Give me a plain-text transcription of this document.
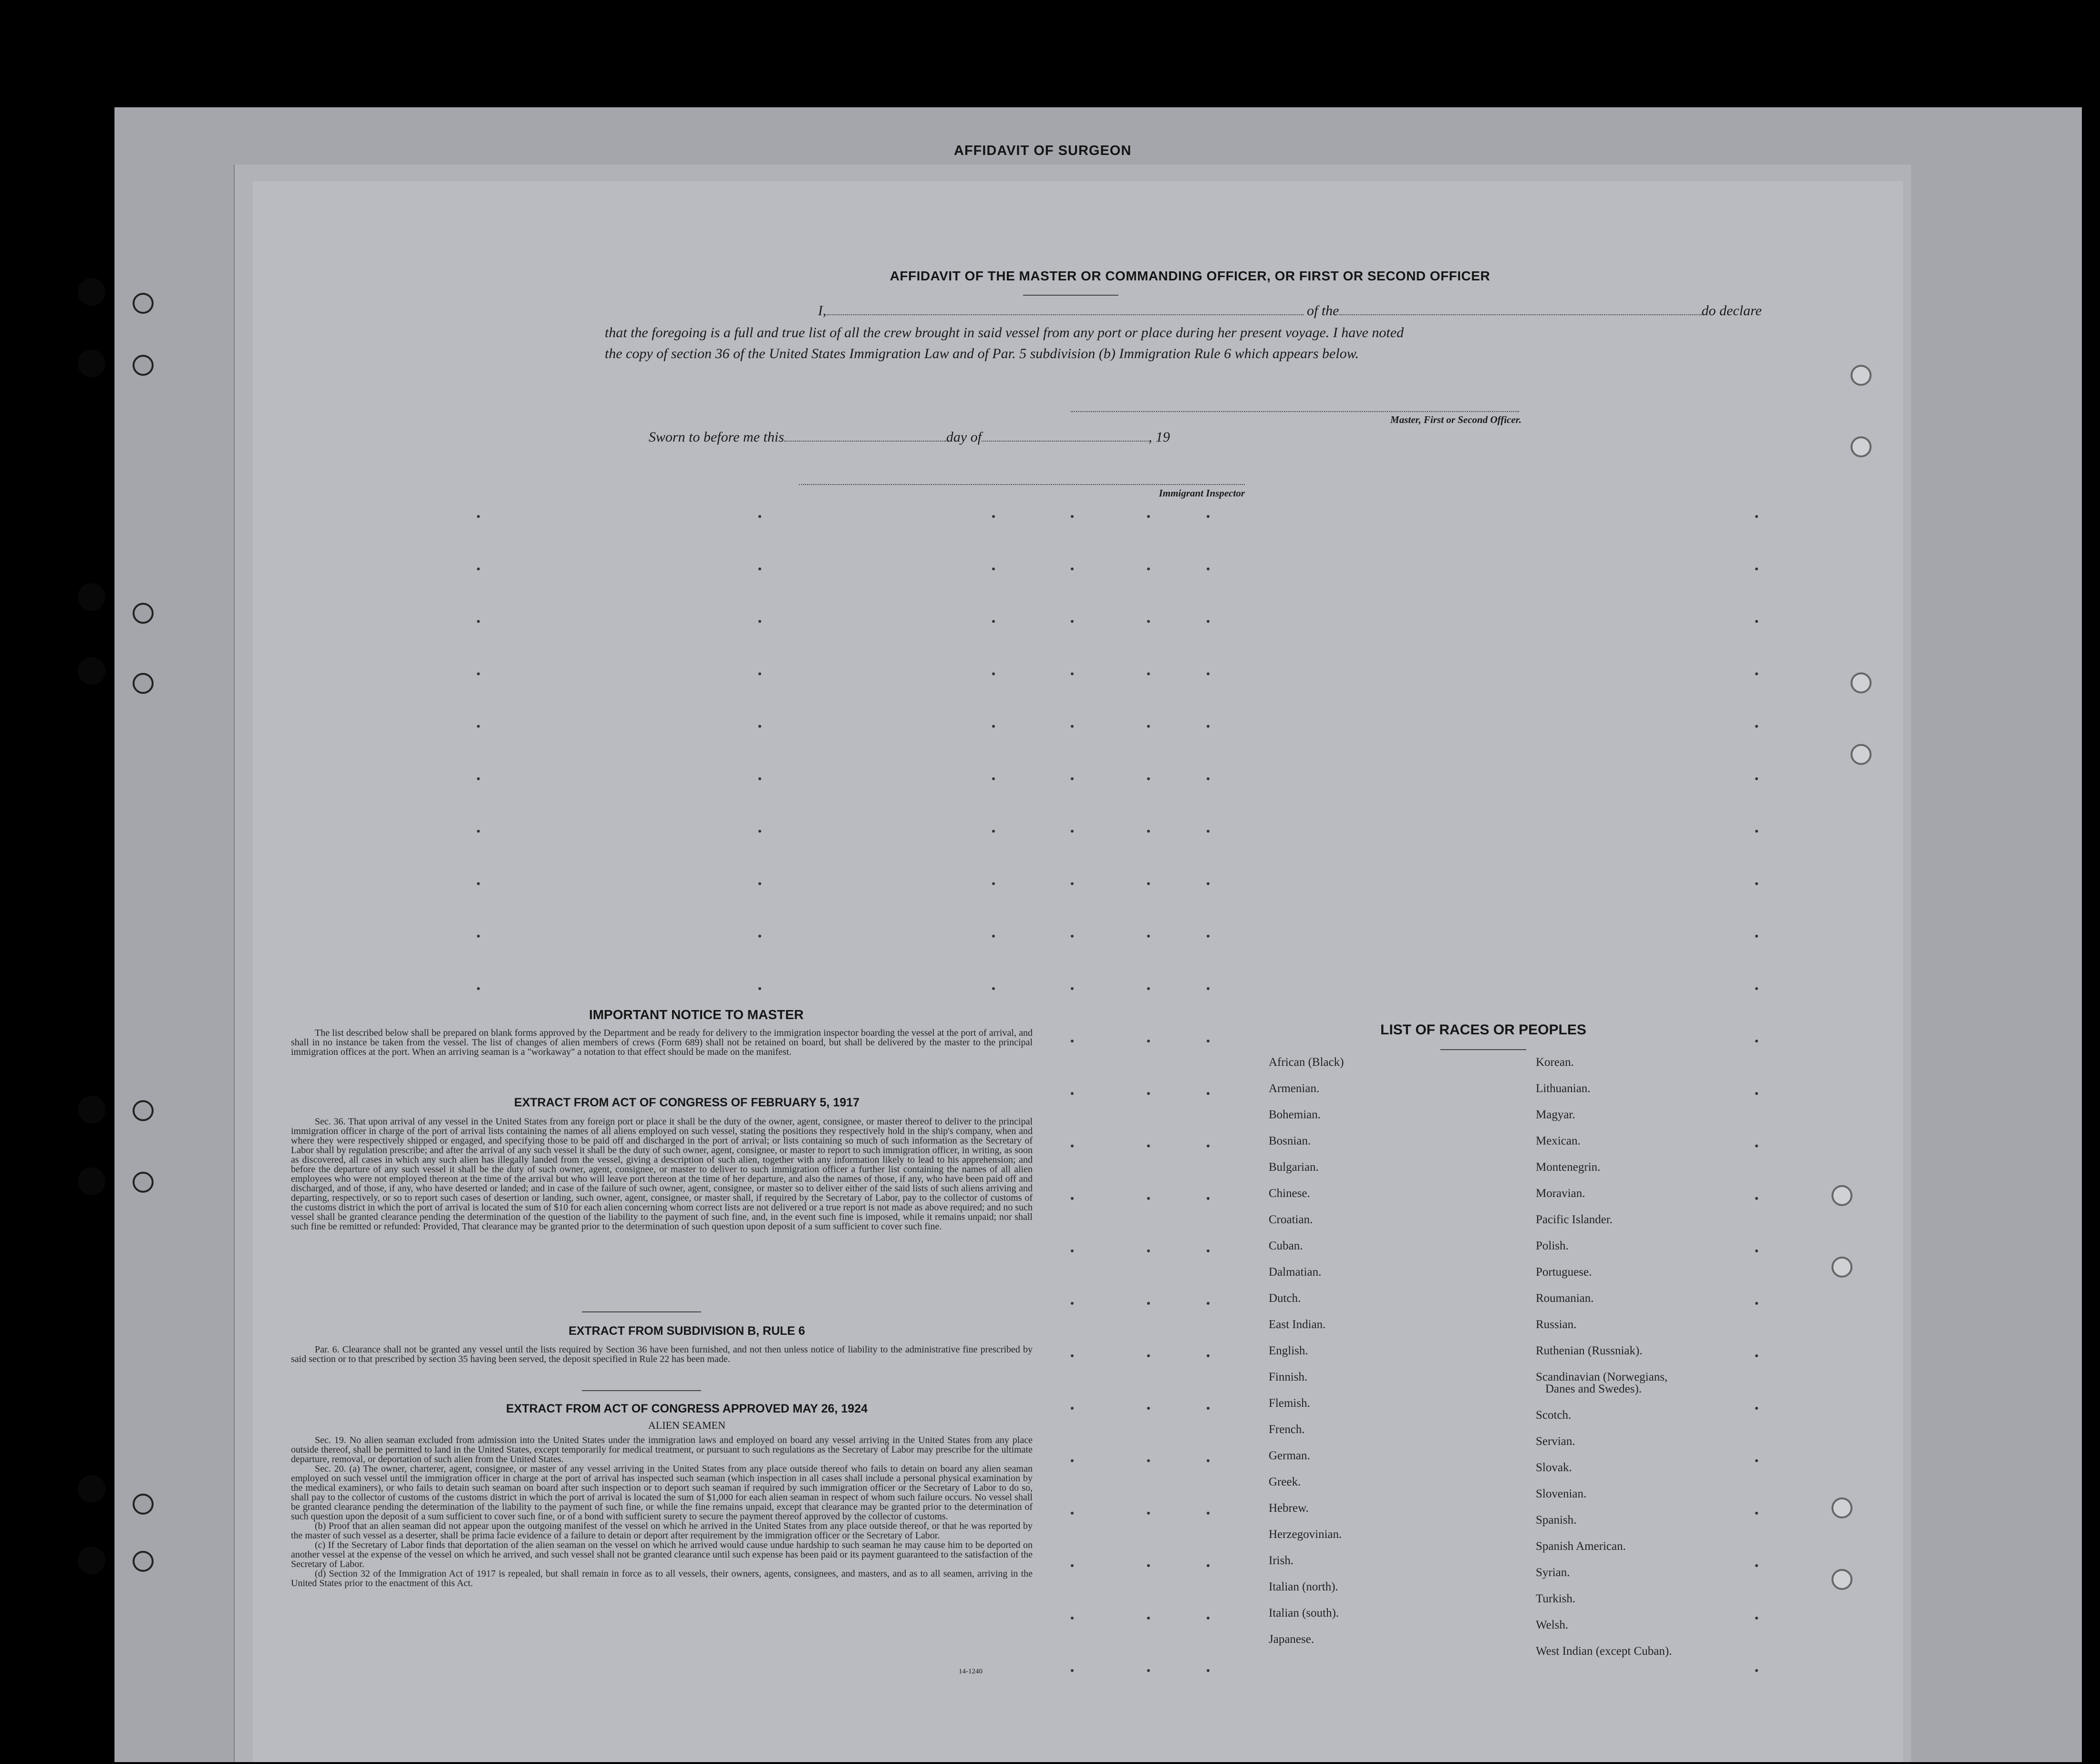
AFFIDAVIT OF SURGEON
AFFIDAVIT OF THE MASTER OR COMMANDING OFFICER, OR FIRST OR SECOND OFFICER
I,	of the	do declare
that the foregoing is a full and true list of all the crew brought in said vessel from any port or place during her present voyage. I have noted
the copy of section 36 of the United States Immigration Law and of Par. 5 subdivision (b) Immigration Rule 6 which appears below.
Master, First or Second Officer.
Sworn to before me this	day of	, 19
Immigrant Inspector
IMPORTANT NOTICE TO MASTER

The list described below shall be prepared on blank forms approved by the Department and be ready for delivery to the immigration inspector boarding the vessel at the port of arrival, and shall in no instance be taken from the vessel. The list of changes of alien members of crews (Form 689) shall not be retained on board, but shall be delivered by the master to the principal immigration offices at the port. When an arriving seaman is a "workaway" a notation to that effect should be made on the manifest.

EXTRACT FROM ACT OF CONGRESS OF FEBRUARY 5, 1917

Sec. 36. That upon arrival of any vessel in the United States from any foreign port or place it shall be the duty of the owner, agent, consignee, or master thereof to deliver to the principal immigration officer in charge of the port of arrival lists containing the names of all aliens employed on such vessel, stating the positions they respectively hold in the ship's company, when and where they were respectively shipped or engaged, and specifying those to be paid off and discharged in the port of arrival; or lists containing so much of such information as the Secretary of Labor shall by regulation prescribe; and after the arrival of any such vessel it shall be the duty of such owner, agent, consignee, or master to report to such immigration officer, in writing, as soon as discovered, all cases in which any such alien has illegally landed from the vessel, giving a description of such alien, together with any information likely to lead to his apprehension; and before the departure of any such vessel it shall be the duty of such owner, agent, consignee, or master to deliver to such immigration officer a further list containing the names of all alien employees who were not employed thereon at the time of the arrival but who will leave port thereon at the time of her departure, and also the names of those, if any, who have been paid off and discharged, and of those, if any, who have deserted or landed; and in case of the failure of such owner, agent, consignee, or master so to deliver either of the said lists of such aliens arriving and departing, respectively, or so to report such cases of desertion or landing, such owner, agent, consignee, or master shall, if required by the Secretary of Labor, pay to the collector of customs of the customs district in which the port of arrival is located the sum of $10 for each alien concerning whom correct lists are not delivered or a true report is not made as above required; and no such vessel shall be granted clearance pending the determination of the question of the liability to the payment of such fine, and, in the event such fine is imposed, while it remains unpaid; nor shall such fine be remitted or refunded: Provided, That clearance may be granted prior to the determination of such question upon deposit of a sum sufficient to cover such fine.

EXTRACT FROM SUBDIVISION B, RULE 6

Par. 6. Clearance shall not be granted any vessel until the lists required by Section 36 have been furnished, and not then unless notice of liability to the administrative fine prescribed by said section or to that prescribed by section 35 having been served, the deposit specified in Rule 22 has been made.

EXTRACT FROM ACT OF CONGRESS APPROVED MAY 26, 1924
ALIEN SEAMEN

Sec. 19. No alien seaman excluded from admission into the United States under the immigration laws and employed on board any vessel arriving in the United States from any place outside thereof, shall be permitted to land in the United States, except temporarily for medical treatment, or pursuant to such regulations as the Secretary of Labor may prescribe for the ultimate departure, removal, or deportation of such alien from the United States.

Sec. 20. (a) The owner, charterer, agent, consignee, or master of any vessel arriving in the United States from any place outside thereof who fails to detain on board any alien seaman employed on such vessel until the immigration officer in charge at the port of arrival has inspected such seaman (which inspection in all cases shall include a personal physical examination by the medical examiners), or who fails to detain such seaman on board after such inspection or to deport such seaman if required by such immigration officer or the Secretary of Labor to do so, shall pay to the collector of customs of the customs district in which the port of arrival is located the sum of $1,000 for each alien seaman in respect of whom such failure occurs. No vessel shall be granted clearance pending the determination of the liability to the payment of such fine, or while the fine remains unpaid, except that clearance may be granted prior to the determination of such question upon the deposit of a sum sufficient to cover such fine, or of a bond with sufficient surety to secure the payment thereof approved by the collector of customs.

(b) Proof that an alien seaman did not appear upon the outgoing manifest of the vessel on which he arrived in the United States from any place outside thereof, or that he was reported by the master of such vessel as a deserter, shall be prima facie evidence of a failure to detain or deport after requirement by the immigration officer or the Secretary of Labor.

(c) If the Secretary of Labor finds that deportation of the alien seaman on the vessel on which he arrived would cause undue hardship to such seaman he may cause him to be deported on another vessel at the expense of the vessel on which he arrived, and such vessel shall not be granted clearance until such expense has been paid or its payment guaranteed to the satisfaction of the Secretary of Labor.

(d) Section 32 of the Immigration Act of 1917 is repealed, but shall remain in force as to all vessels, their owners, agents, consignees, and masters, and as to all seamen, arriving in the United States prior to the enactment of this Act.

14-1240
LIST OF RACES OR PEOPLES
African (Black)
Armenian.
Bohemian.
Bosnian.
Bulgarian.
Chinese.
Croatian.
Cuban.
Dalmatian.
Dutch.
East Indian.
English.
Finnish.
Flemish.
French.
German.
Greek.
Hebrew.
Herzegovinian.
Irish.
Italian (north).
Italian (south).
Japanese.
Korean.
Lithuanian.
Magyar.
Mexican.
Montenegrin.
Moravian.
Pacific Islander.
Polish.
Portuguese.
Roumanian.
Russian.
Ruthenian (Russniak).
Scandinavian (Norwegians,
Danes and Swedes).
Scotch.
Servian.
Slovak.
Slovenian.
Spanish.
Spanish American.
Syrian.
Turkish.
Welsh.
West Indian (except Cuban).
